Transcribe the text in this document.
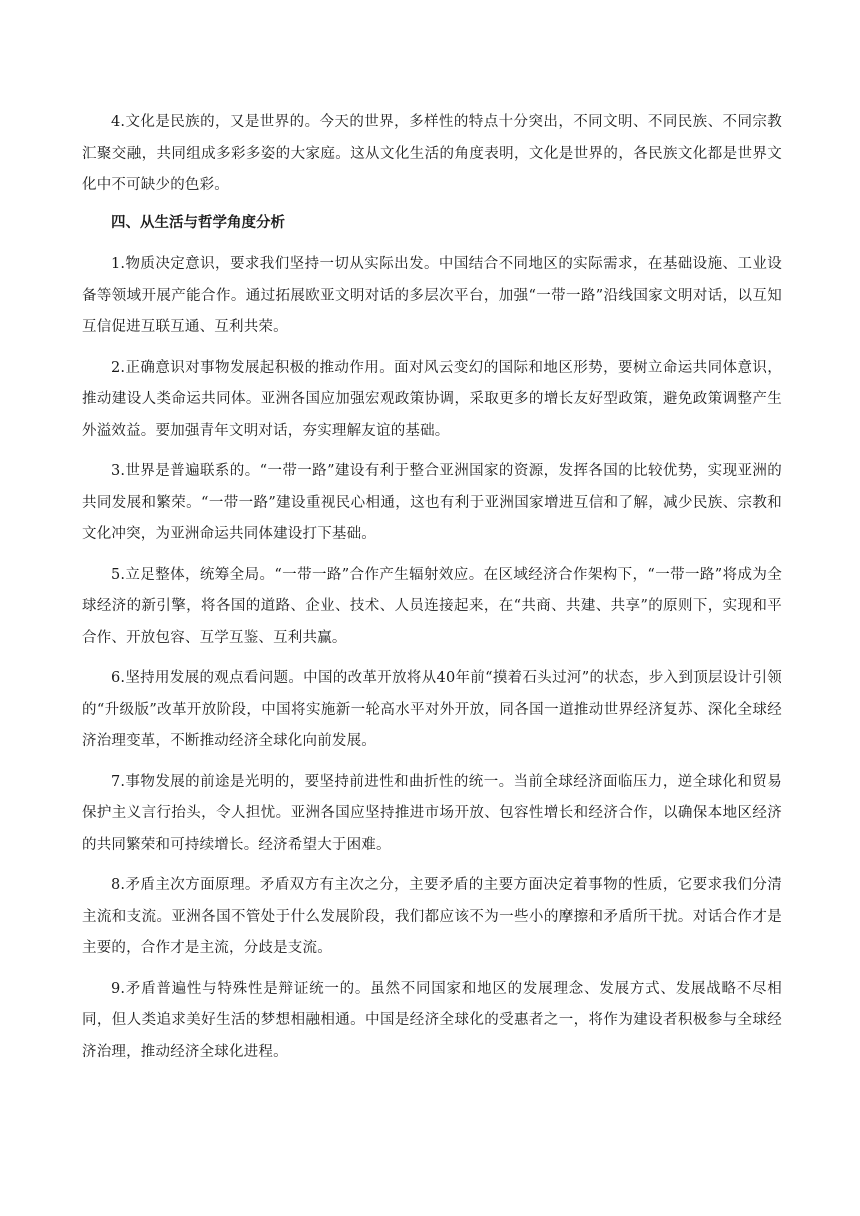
4.文化是民族的，又是世界的。今天的世界，多样性的特点十分突出，不同文明、不同民族、不同宗教汇聚交融，共同组成多彩多姿的大家庭。这从文化生活的角度表明，文化是世界的，各民族文化都是世界文化中不可缺少的色彩。

四、从生活与哲学角度分析

1.物质决定意识，要求我们坚持一切从实际出发。中国结合不同地区的实际需求，在基础设施、工业设备等领域开展产能合作。通过拓展欧亚文明对话的多层次平台，加强“一带一路”沿线国家文明对话，以互知互信促进互联互通、互利共荣。

2.正确意识对事物发展起积极的推动作用。面对风云变幻的国际和地区形势，要树立命运共同体意识，推动建设人类命运共同体。亚洲各国应加强宏观政策协调，采取更多的增长友好型政策，避免政策调整产生外溢效益。要加强青年文明对话，夯实理解友谊的基础。

3.世界是普遍联系的。“一带一路”建设有利于整合亚洲国家的资源，发挥各国的比较优势，实现亚洲的共同发展和繁荣。“一带一路”建设重视民心相通，这也有利于亚洲国家增进互信和了解，减少民族、宗教和文化冲突，为亚洲命运共同体建设打下基础。

5.立足整体，统筹全局。“一带一路”合作产生辐射效应。在区域经济合作架构下，“一带一路”将成为全球经济的新引擎，将各国的道路、企业、技术、人员连接起来，在“共商、共建、共享”的原则下，实现和平合作、开放包容、互学互鉴、互利共赢。

6.坚持用发展的观点看问题。中国的改革开放将从40年前“摸着石头过河”的状态，步入到顶层设计引领的“升级版”改革开放阶段，中国将实施新一轮高水平对外开放，同各国一道推动世界经济复苏、深化全球经济治理变革，不断推动经济全球化向前发展。

7.事物发展的前途是光明的，要坚持前进性和曲折性的统一。当前全球经济面临压力，逆全球化和贸易保护主义言行抬头，令人担忧。亚洲各国应坚持推进市场开放、包容性增长和经济合作，以确保本地区经济的共同繁荣和可持续增长。经济希望大于困难。

8.矛盾主次方面原理。矛盾双方有主次之分，主要矛盾的主要方面决定着事物的性质，它要求我们分清主流和支流。亚洲各国不管处于什么发展阶段，我们都应该不为一些小的摩擦和矛盾所干扰。对话合作才是主要的，合作才是主流，分歧是支流。

9.矛盾普遍性与特殊性是辩证统一的。虽然不同国家和地区的发展理念、发展方式、发展战略不尽相同，但人类追求美好生活的梦想相融相通。中国是经济全球化的受惠者之一，将作为建设者积极参与全球经济治理，推动经济全球化进程。
